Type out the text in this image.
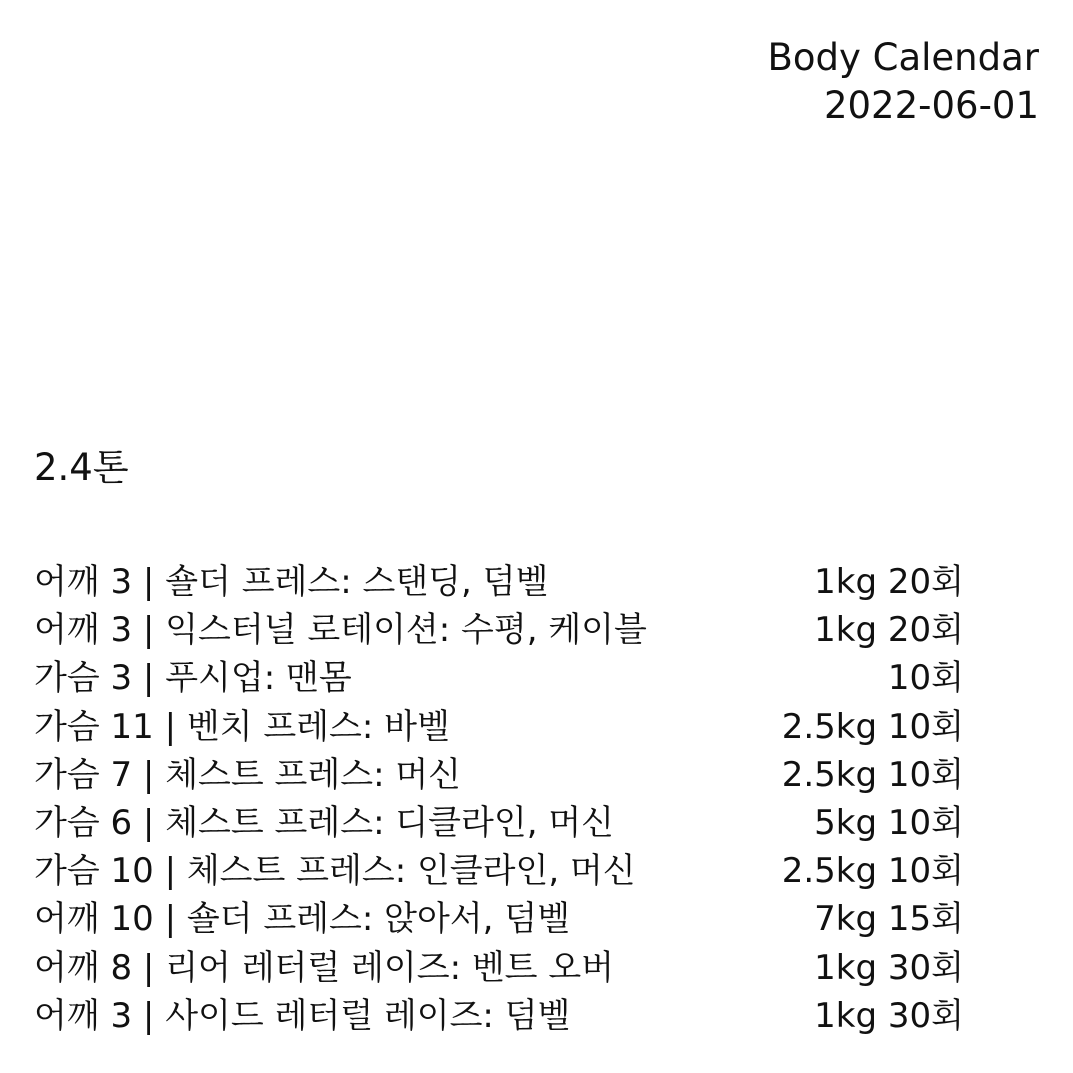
Body Calendar
2022-06-01
2.4톤
어깨 3 | 숄더 프레스: 스탠딩, 덤벨	1kg 20회
어깨 3 | 익스터널 로테이션: 수평, 케이블	1kg 20회
가슴 3 | 푸시업: 맨몸	10회
가슴 11 | 벤치 프레스: 바벨	2.5kg 10회
가슴 7 | 체스트 프레스: 머신	2.5kg 10회
가슴 6 | 체스트 프레스: 디클라인, 머신	5kg 10회
가슴 10 | 체스트 프레스: 인클라인, 머신	2.5kg 10회
어깨 10 | 숄더 프레스: 앉아서, 덤벨	7kg 15회
어깨 8 | 리어 레터럴 레이즈: 벤트 오버	1kg 30회
어깨 3 | 사이드 레터럴 레이즈: 덤벨	1kg 30회
